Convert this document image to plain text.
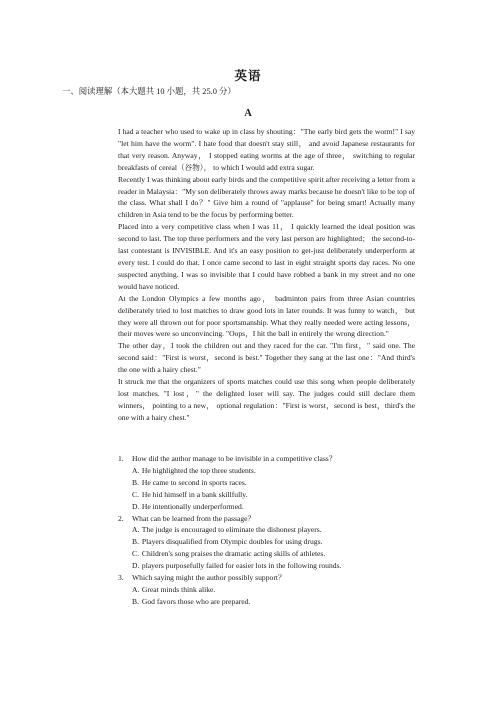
英语
一、阅读理解（本大题共 10 小题，共 25.0 分）
A

I had a teacher who used to wake up in class by shouting："The early bird gets the worm!" I say "let him have the worm". I hate food that doesn't stay still， and avoid Japanese restaurants for that very reason. Anyway， I stopped eating worms at the age of three， switching to regular breakfasts of cereal（谷物）， to which I would add extra sugar.

Recently I was thinking about early birds and the competitive spirit after receiving a letter from a reader in Malaysia："My son deliberately throws away marks because he doesn't like to be top of the class. What shall I do？" Give him a round of "applause" for being smart! Actually many children in Asia tend to be the focus by performing better.

Placed into a very competitive class when I was 11， I quickly learned the ideal position was second to last. The top three performers and the very last person are highlighted； the second-to-last contestant is INVISIBLE. And it's an easy position to get-just deliberately underperform at every test. I could do that. I once came second to last in eight straight sports day races. No one suspected anything. I was so invisible that I could have robbed a bank in my street and no one would have noticed.

At the London Olympics a few months ago， badminton pairs from three Asian countries deliberately tried to lost matches to draw good lots in later rounds. It was funny to watch， but they were all thrown out for poor sportsmanship. What they really needed were acting lessons， their moves were so unconvincing. "Oops，I hit the ball in entirely the wrong direction."

The other day，I took the children out and they raced for the car. "I'm first，" said one. The second said："First is worst，second is best." Together they sang at the last one："And third's the one with a hairy chest."

It struck me that the organizers of sports matches could use this song when people deliberately lost matches. "I lost，" the delighted loser will say. The judges could still declare them winners， pointing to a new， optional regulation："First is worst，second is best，third's the one with a hairy chest."

1. How did the author manage to be invisible in a competitive class？
A. He highlighted the top three students.
B. He came to second in sports races.
C. He hid himself in a bank skillfully.
D. He intentionally underperformed.
2. What can be learned from the passage？
A. The judge is encouraged to eliminate the dishonest players.
B. Players disqualified from Olympic doubles for using drugs.
C. Children's song praises the dramatic acting skills of athletes.
D. players purposefully failed for easier lots in the following rounds.
3. Which saying might the author possibly support？
A. Great minds think alike.
B. God favors those who are prepared.
